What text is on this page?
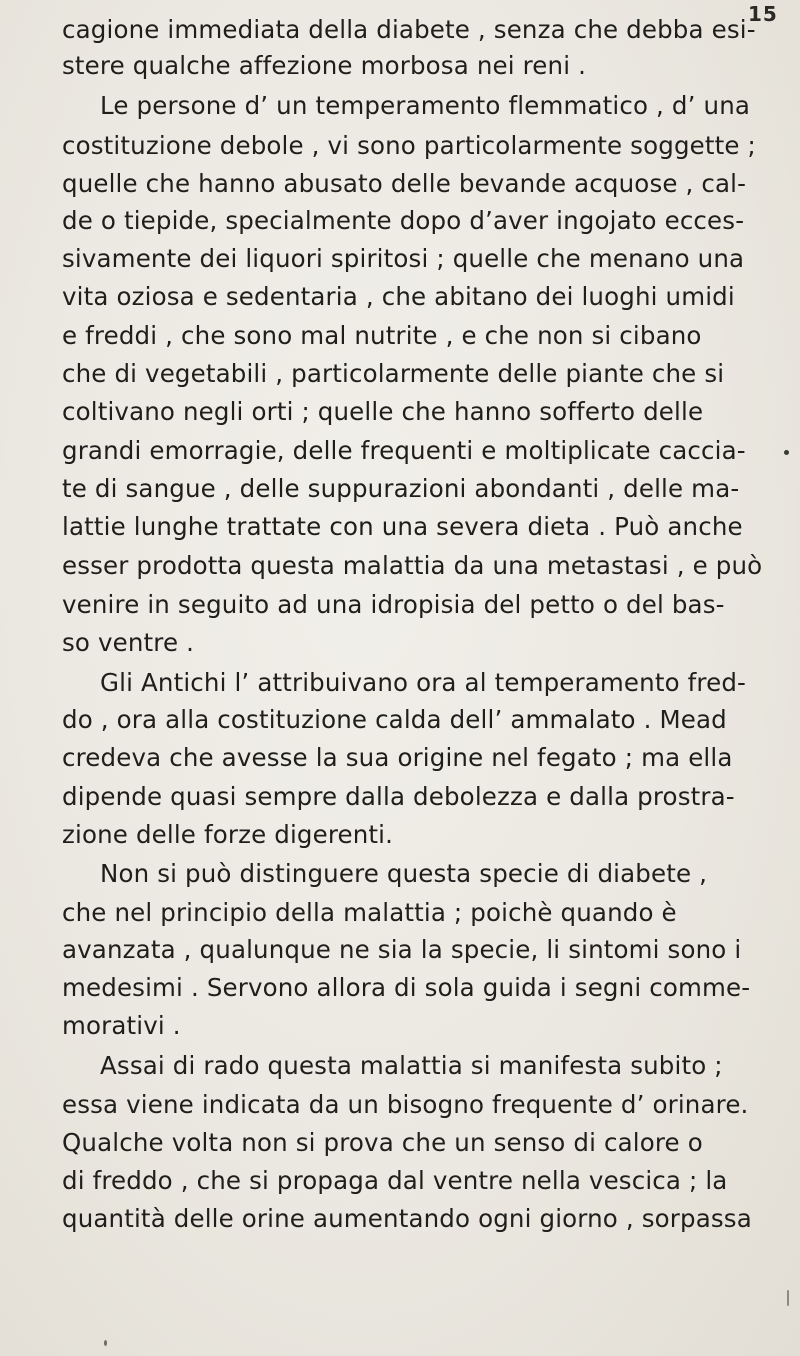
15
cagione immediata della diabete , senza che debba esi-
stere qualche affezione morbosa nei reni .
Le persone d’ un temperamento flemmatico , d’ una
costituzione debole , vi sono particolarmente soggette ;
quelle che hanno abusato delle bevande acquose , cal-
de o tiepide, specialmente dopo d’aver ingojato ecces-
sivamente dei liquori spiritosi ; quelle che menano una
vita oziosa e sedentaria , che abitano dei luoghi umidi
e freddi , che sono mal nutrite , e che non si cibano
che di vegetabili , particolarmente delle piante che si
coltivano negli orti ; quelle che hanno sofferto delle
grandi emorragie, delle frequenti e moltiplicate caccia-
te di sangue , delle suppurazioni abondanti , delle ma-
lattie lunghe trattate con una severa dieta . Può anche
esser prodotta questa malattia da una metastasi , e può
venire in seguito ad una idropisia del petto o del bas-
so ventre .
Gli Antichi l’ attribuivano ora al temperamento fred-
do , ora alla costituzione calda dell’ ammalato . Mead
credeva che avesse la sua origine nel fegato ; ma ella
dipende quasi sempre dalla debolezza e dalla prostra-
zione delle forze digerenti.
Non si può distinguere questa specie di diabete ,
che nel principio della malattia ; poichè quando è
avanzata , qualunque ne sia la specie, li sintomi sono i
medesimi . Servono allora di sola guida i segni comme-
morativi .
Assai di rado questa malattia si manifesta subito ;
essa viene indicata da un bisogno frequente d’ orinare.
Qualche volta non si prova che un senso di calore o
di freddo , che si propaga dal ventre nella vescica ; la
quantità delle orine aumentando ogni giorno , sorpassa
